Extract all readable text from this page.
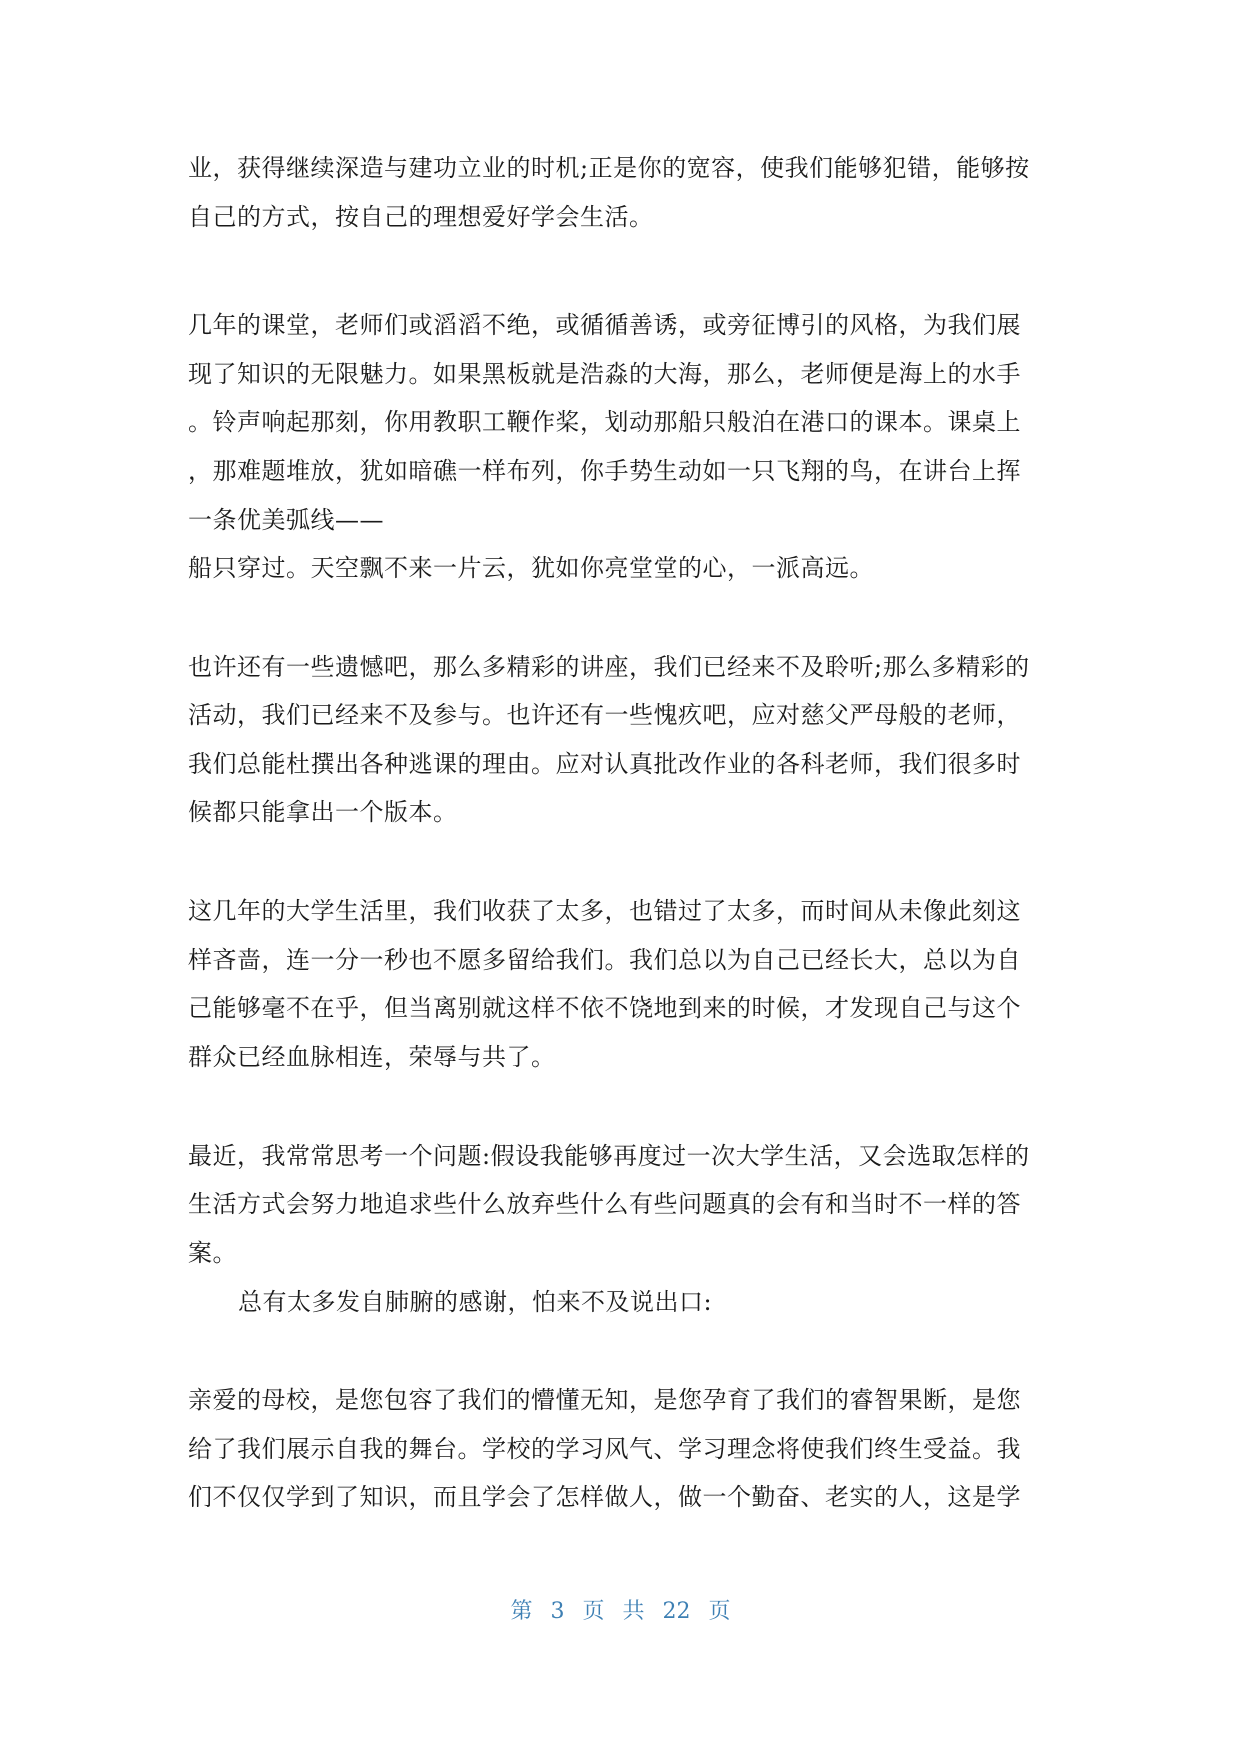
业，获得继续深造与建功立业的时机;正是你的宽容，使我们能够犯错，能够按
自己的方式，按自己的理想爱好学会生活。
几年的课堂，老师们或滔滔不绝，或循循善诱，或旁征博引的风格，为我们展
现了知识的无限魅力。如果黑板就是浩淼的大海，那么，老师便是海上的水手
。铃声响起那刻，你用教职工鞭作桨，划动那船只般泊在港口的课本。课桌上
，那难题堆放，犹如暗礁一样布列，你手势生动如一只飞翔的鸟，在讲台上挥
一条优美弧线——
船只穿过。天空飘不来一片云，犹如你亮堂堂的心，一派高远。
也许还有一些遗憾吧，那么多精彩的讲座，我们已经来不及聆听;那么多精彩的
活动，我们已经来不及参与。也许还有一些愧疚吧，应对慈父严母般的老师，
我们总能杜撰出各种逃课的理由。应对认真批改作业的各科老师，我们很多时
候都只能拿出一个版本。
这几年的大学生活里，我们收获了太多，也错过了太多，而时间从未像此刻这
样吝啬，连一分一秒也不愿多留给我们。我们总以为自己已经长大，总以为自
己能够毫不在乎，但当离别就这样不依不饶地到来的时候，才发现自己与这个
群众已经血脉相连，荣辱与共了。
最近，我常常思考一个问题:假设我能够再度过一次大学生活，又会选取怎样的
生活方式会努力地追求些什么放弃些什么有些问题真的会有和当时不一样的答
案。
总有太多发自肺腑的感谢，怕来不及说出口:
亲爱的母校，是您包容了我们的懵懂无知，是您孕育了我们的睿智果断，是您
给了我们展示自我的舞台。学校的学习风气、学习理念将使我们终生受益。我
们不仅仅学到了知识，而且学会了怎样做人，做一个勤奋、老实的人，这是学
第 3 页 共 22 页
